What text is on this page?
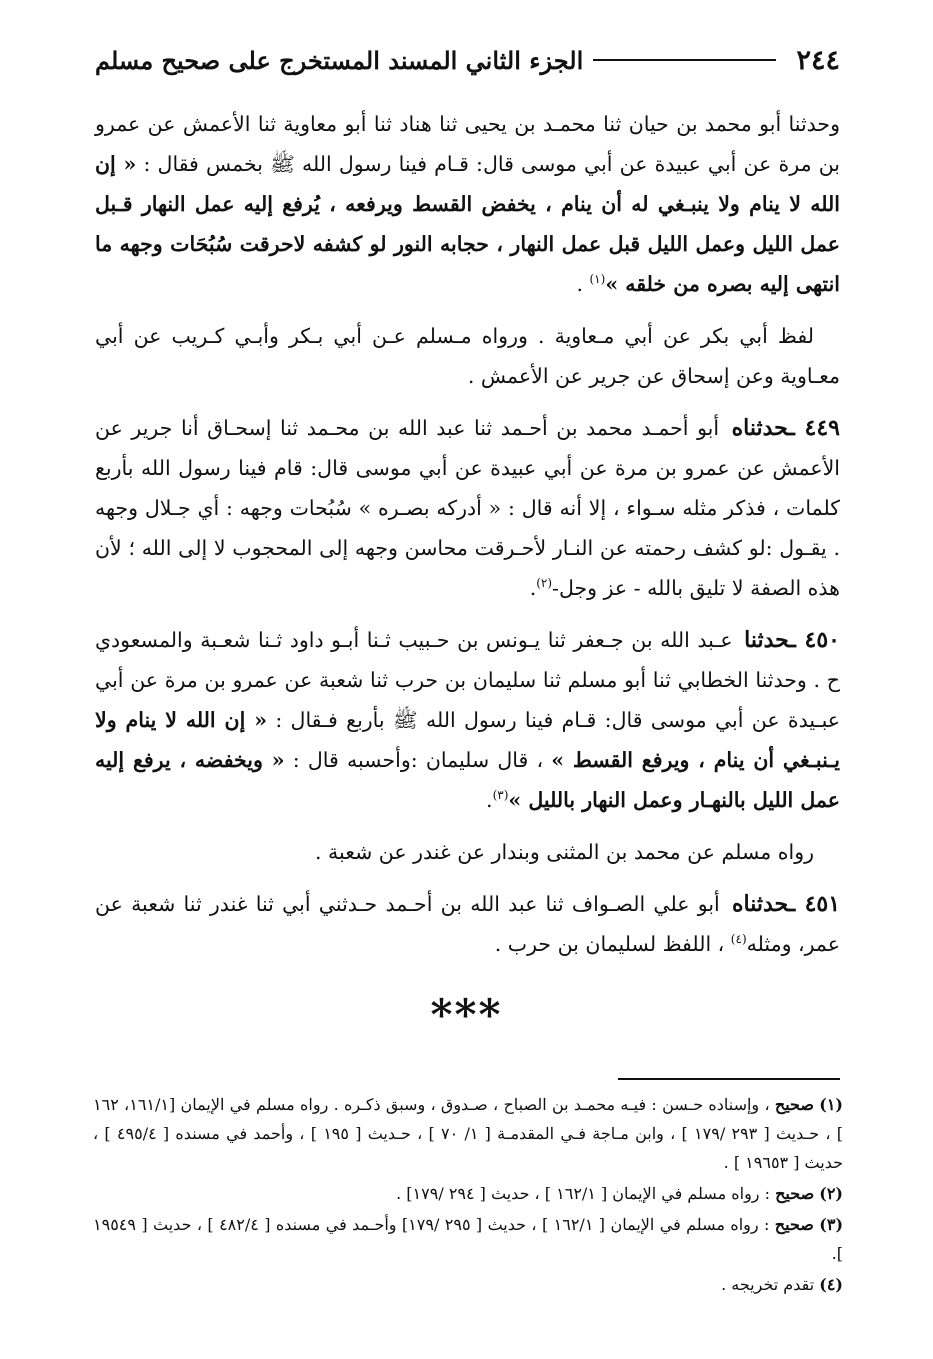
٢٤٤
الجزء الثاني المسند المستخرج على صحيح مسلم

وحدثنا أبو محمد بن حيان ثنا محمـد بن يحيى ثنا هناد ثنا أبو معاوية ثنا الأعمش عن عمرو بن مرة عن أبي عبيدة عن أبي موسى قال: قـام فينا رسول الله ﷺ بخمس فقال : « إن الله لا ينام ولا ينبـغي له أن ينام ، يخفض القسط ويرفعه ، يُرفع إليه عمل النهار قـبل عمل الليل وعمل الليل قبل عمل النهار ، حجابه النور لو كشفه لاحرقت سُبُحَات وجهه ما انتهى إليه بصره من خلقه »$^{(١)}$ .

لفظ أبي بكر عن أبي مـعاوية . ورواه مـسلم عـن أبي بـكر وأبـي كـريب عن أبي معـاوية وعن إسحاق عن جرير عن الأعمش .

٤٤٩ ـحدثناه أبو أحمـد محمد بن أحـمد ثنا عبد الله بن محـمد ثنا إسحـاق أنا جرير عن الأعمش عن عمرو بن مرة عن أبي عبيدة عن أبي موسى قال: قام فينا رسول الله بأربع كلمات ، فذكر مثله سـواء ، إلا أنه قال : « أدركه بصـره » سُبُحات وجهه : أي جـلال وجهه . يقـول :لو كشف رحمته عن النـار لأحـرقت محاسن وجهه إلى المحجوب لا إلى الله ؛ لأن هذه الصفة لا تليق بالله - عز وجل-$^{(٢)}$.

٤٥٠ ـحدثنا عـبد الله بن جـعفر ثنا يـونس بن حـبيب ثـنا أبـو داود ثـنا شعـبة والمسعودي ح . وحدثنا الخطابي ثنا أبو مسلم ثنا سليمان بن حرب ثنا شعبة عن عمرو بن مرة عن أبي عبـيدة عن أبي موسى قال: قـام فينا رسول الله ﷺ بأربع فـقال : « إن الله لا ينام ولا يـنبـغي أن ينام ، ويرفع القسط » ، قال سليمان :وأحسبه قال : « ويخفضه ، يرفع إليه عمل الليل بالنهـار وعمل النهار بالليل »$^{(٣)}$.

رواه مسلم عن محمد بن المثنى وبندار عن غندر عن شعبة .

٤٥١ ـحدثناه أبو علي الصـواف ثنا عبد الله بن أحـمد حـدثني أبي ثنا غندر ثنا شعبة عن عمر، ومثله$^{(٤)}$ ، اللفظ لسليمان بن حرب .

***

(١) صحيح ، وإسناده حـسن : فيـه محمـد بن الصباح ، صـدوق ، وسبق ذكـره . رواه مسلم في الإيمان [١٦١/١، ١٦٢ ] ، حـديث [ ٢٩٣ /١٧٩ ] ، وابن مـاجة فـي المقدمـة [ ١/ ٧٠ ] ، حـديث [ ١٩٥ ] ، وأحمد في مسنده [ ٤٩٥/٤ ] ، حديث [ ١٩٦٥٣ ] .

(٢) صحيح : رواه مسلم في الإيمان [ ١٦٢/١ ] ، حديث [ ٢٩٤ /١٧٩] .

(٣) صحيح : رواه مسلم في الإيمان [ ١٦٢/١ ] ، حديث [ ٢٩٥ /١٧٩] وأحـمد في مسنده [ ٤٨٢/٤ ] ، حديث [ ١٩٥٤٩ ].

(٤) تقدم تخريجه .
